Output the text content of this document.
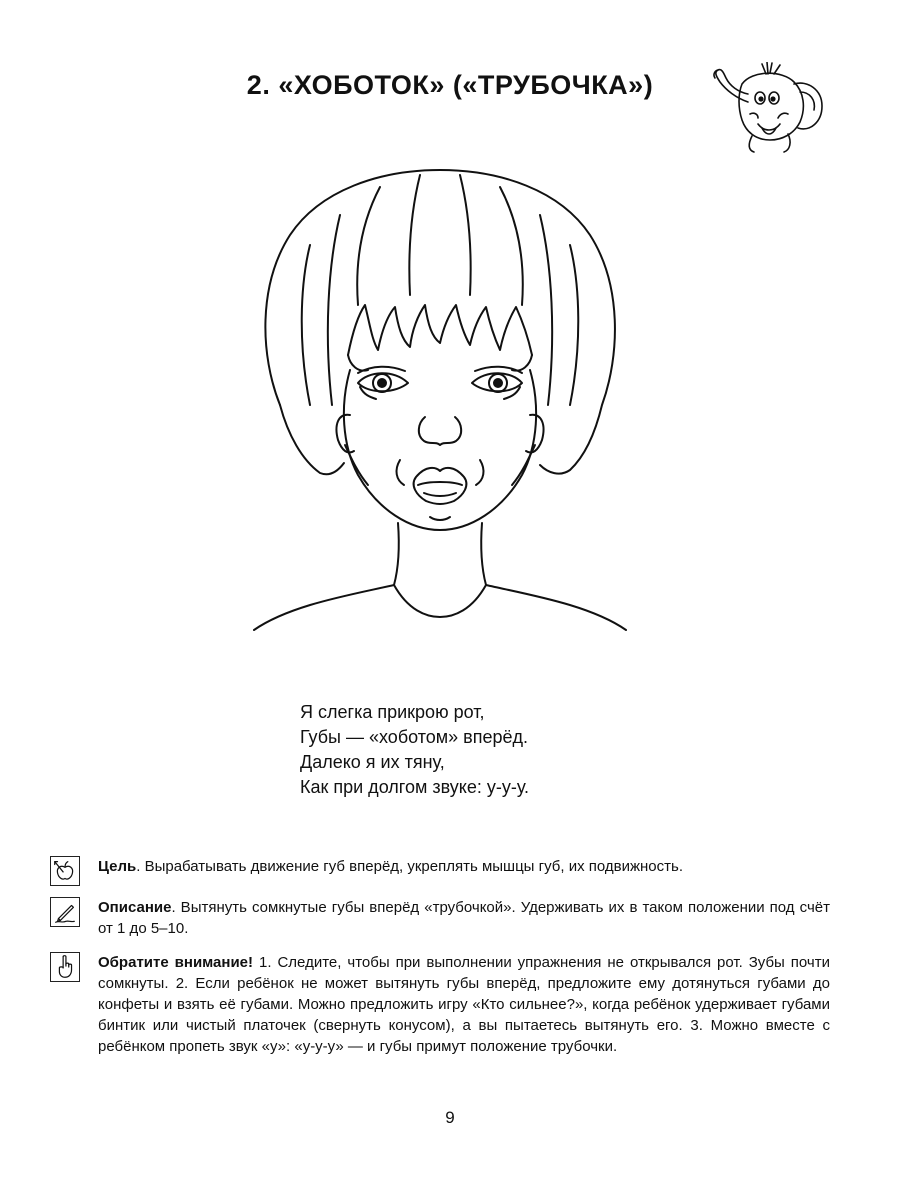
2. «ХОБОТОК» («ТРУБОЧКА»)
Я слегка прикрою рот,
Губы — «хоботом» вперёд.
Далеко я их тяну,
Как при долгом звуке: у-у-у.
Цель. Вырабатывать движение губ вперёд, укреплять мышцы губ, их подвижность.
Описание. Вытянуть сомкнутые губы вперёд «трубочкой». Удерживать их в таком положении под счёт от 1 до 5–10.
Обратите внимание! 1. Следите, чтобы при выполнении упражнения не открывался рот. Зубы почти сомкнуты. 2. Если ребёнок не может вытянуть губы вперёд, предложите ему дотянуться губами до конфеты и взять её губами. Можно предложить игру «Кто сильнее?», когда ребёнок удерживает губами бинтик или чистый платочек (свернуть конусом), а вы пытаетесь вытянуть его. 3. Можно вместе с ребёнком пропеть звук «у»: «у-у-у» — и губы примут положение трубочки.
9
